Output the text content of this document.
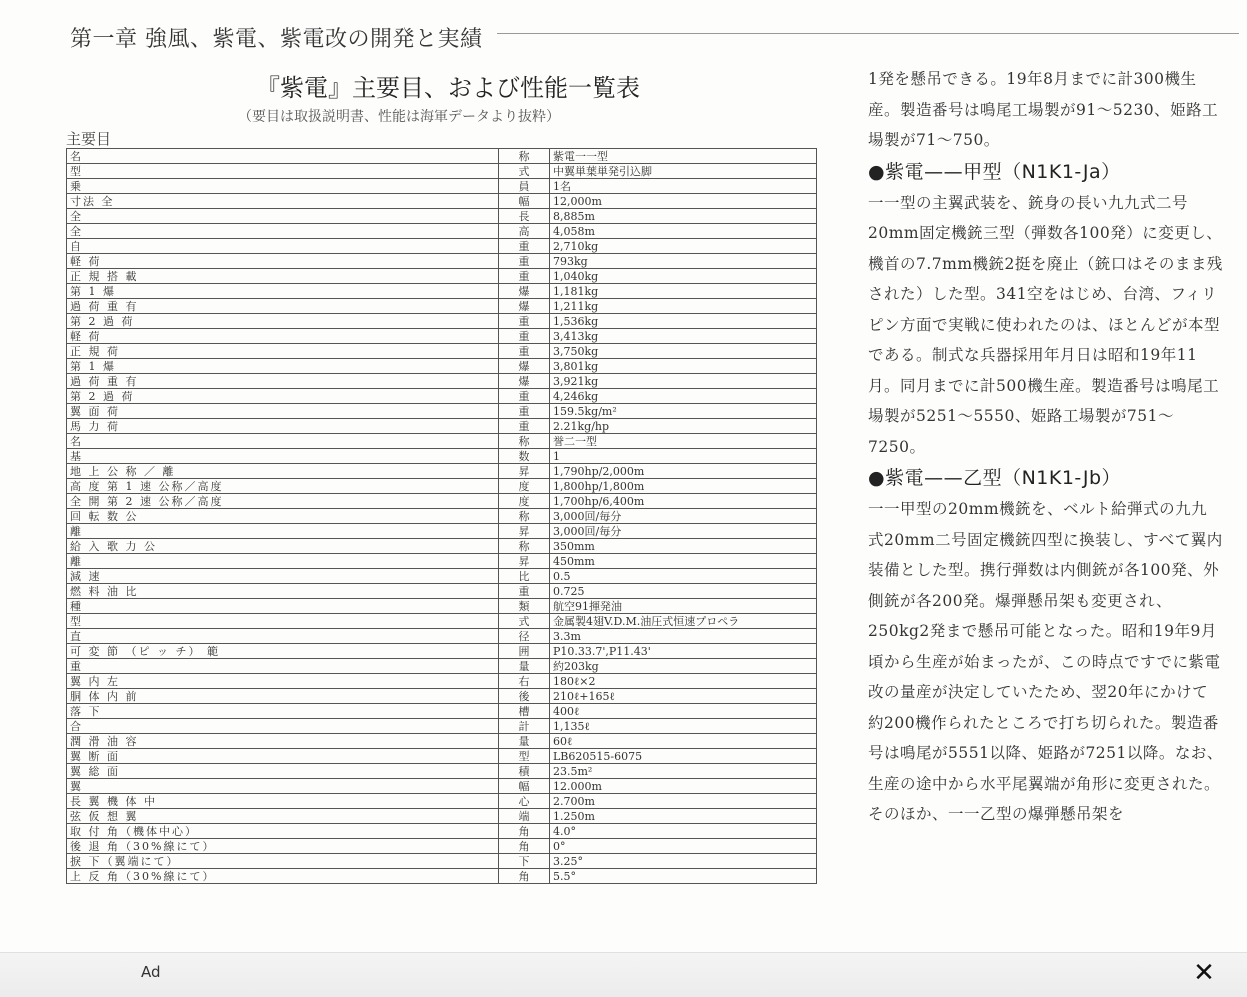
第一章 強風、紫電、紫電改の開発と実績
『紫電』主要目、および性能一覧表
（要目は取扱説明書、性能は海軍データより抜粋）
主要目
名	称	紫電一一型
型	式	中翼単葉単発引込脚
乗	員	1名
寸法 全	幅	12,000m
全	長	8,885m
全	高	4,058m
自	重	2,710kg
軽 荷	重	793kg
正 規 搭 載	重	1,040kg
第 1 爆	爆	1,181kg
過 荷 重 有	爆	1,211kg
第 2 過 荷	重	1,536kg
軽 荷	重	3,413kg
正 規 荷	重	3,750kg
第 1 爆	爆	3,801kg
過 荷 重 有	爆	3,921kg
第 2 過 荷	重	4,246kg
翼 面 荷	重	159.5kg/m²
馬 力 荷	重	2.21kg/hp
名	称	誉二一型
基	数	1
地 上 公 称 ／ 離	昇	1,790hp/2,000m
高 度 第 1 速 公称／高度	度	1,800hp/1,800m
全 開 第 2 速 公称／高度	度	1,700hp/6,400m
回 転 数 公	称	3,000回/毎分
離	昇	3,000回/毎分
給 入 歌 力 公	称	350mm
離	昇	450mm
減 速	比	0.5
燃 料 油 比	重	0.725
種	類	航空91揮発油
型	式	金属製4翅V.D.M.油圧式恒速プロペラ
直	径	3.3m
可 変 節 （ピ ッ チ） 範	囲	P10.33.7',P11.43'
重	量	約203kg
翼 内 左	右	180ℓ×2
胴 体 内 前	後	210ℓ+165ℓ
落 下	槽	400ℓ
合	計	1,135ℓ
潤 滑 油 容	量	60ℓ
翼 断 面	型	LB620515-6075
翼 総 面	積	23.5m²
翼	幅	12.000m
長 翼 機 体 中	心	2.700m
弦 仮 想 翼	端	1.250m
取 付 角（機体中心）	角	4.0°
後 退 角（30%線にて）	角	0°
捩 下（翼端にて）	下	3.25°
上 反 角（30%線にて）	角	5.5°

1発を懸吊できる。19年8月までに計300機生産。製造番号は鳴尾工場製が91～5230、姫路工場製が71～750。

●紫電——甲型（N1K1-Ja）

一一型の主翼武装を、銃身の長い九九式二号20mm固定機銃三型（弾数各100発）に変更し、機首の7.7mm機銃2挺を廃止（銃口はそのまま残された）した型。341空をはじめ、台湾、フィリピン方面で実戦に使われたのは、ほとんどが本型である。制式な兵器採用年月日は昭和19年11月。同月までに計500機生産。製造番号は鳴尾工場製が5251～5550、姫路工場製が751～7250。

●紫電——乙型（N1K1-Jb）

一一甲型の20mm機銃を、ベルト給弾式の九九式20mm二号固定機銃四型に換装し、すべて翼内装備とした型。携行弾数は内側銃が各100発、外側銃が各200発。爆弾懸吊架も変更され、250kg2発まで懸吊可能となった。昭和19年9月頃から生産が始まったが、この時点ですでに紫電改の量産が決定していたため、翌20年にかけて約200機作られたところで打ち切られた。製造番号は鳴尾が5551以降、姫路が7251以降。なお、生産の途中から水平尾翼端が角形に変更された。

そのほか、一一乙型の爆弾懸吊架を

Ad	✕
